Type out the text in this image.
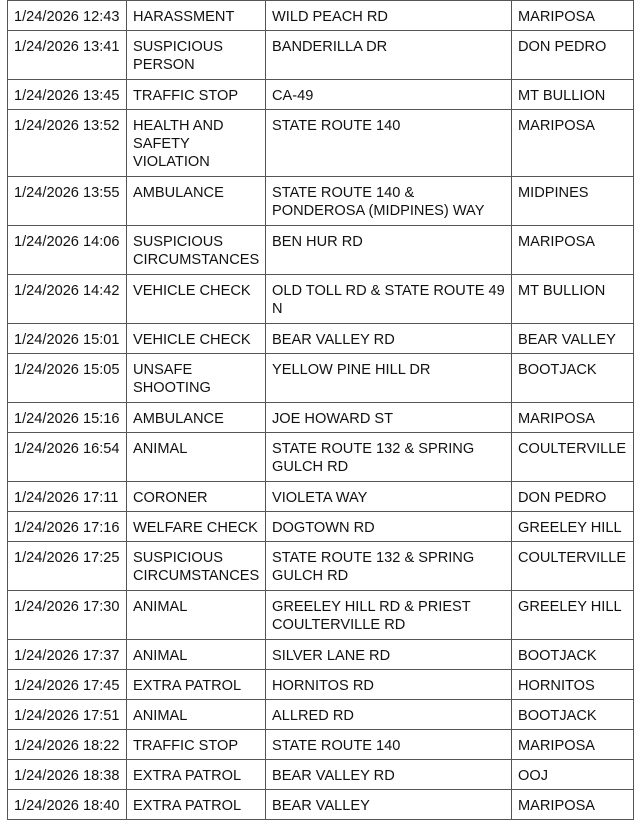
1/24/2026 12:43	HARASSMENT	WILD PEACH RD	MARIPOSA
1/24/2026 13:41	SUSPICIOUS PERSON	BANDERILLA DR	DON PEDRO
1/24/2026 13:45	TRAFFIC STOP	CA-49	MT BULLION
1/24/2026 13:52	HEALTH AND SAFETY VIOLATION	STATE ROUTE 140	MARIPOSA
1/24/2026 13:55	AMBULANCE	STATE ROUTE 140 & PONDEROSA (MIDPINES) WAY	MIDPINES
1/24/2026 14:06	SUSPICIOUS CIRCUMSTANCES	BEN HUR RD	MARIPOSA
1/24/2026 14:42	VEHICLE CHECK	OLD TOLL RD & STATE ROUTE 49 N	MT BULLION
1/24/2026 15:01	VEHICLE CHECK	BEAR VALLEY RD	BEAR VALLEY
1/24/2026 15:05	UNSAFE SHOOTING	YELLOW PINE HILL DR	BOOTJACK
1/24/2026 15:16	AMBULANCE	JOE HOWARD ST	MARIPOSA
1/24/2026 16:54	ANIMAL	STATE ROUTE 132 & SPRING GULCH RD	COULTERVILLE
1/24/2026 17:11	CORONER	VIOLETA WAY	DON PEDRO
1/24/2026 17:16	WELFARE CHECK	DOGTOWN RD	GREELEY HILL
1/24/2026 17:25	SUSPICIOUS CIRCUMSTANCES	STATE ROUTE 132 & SPRING GULCH RD	COULTERVILLE
1/24/2026 17:30	ANIMAL	GREELEY HILL RD & PRIEST COULTERVILLE RD	GREELEY HILL
1/24/2026 17:37	ANIMAL	SILVER LANE RD	BOOTJACK
1/24/2026 17:45	EXTRA PATROL	HORNITOS RD	HORNITOS
1/24/2026 17:51	ANIMAL	ALLRED RD	BOOTJACK
1/24/2026 18:22	TRAFFIC STOP	STATE ROUTE 140	MARIPOSA
1/24/2026 18:38	EXTRA PATROL	BEAR VALLEY RD	OOJ
1/24/2026 18:40	EXTRA PATROL	BEAR VALLEY	MARIPOSA
